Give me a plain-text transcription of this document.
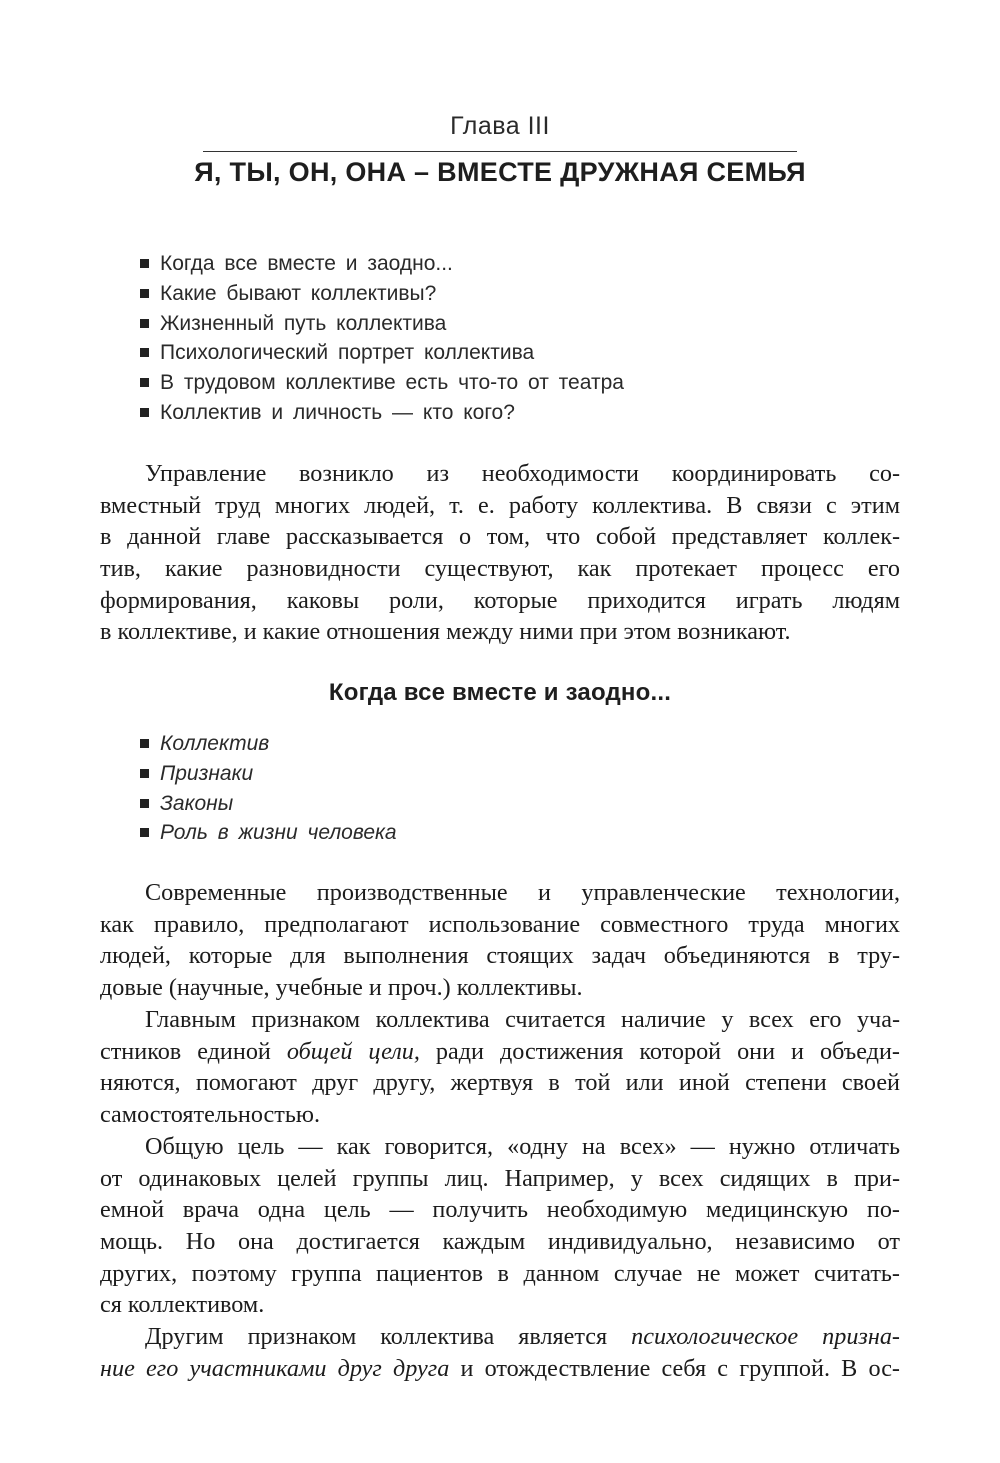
Глава III
Я, ТЫ, ОН, ОНА – ВМЕСТЕ ДРУЖНАЯ СЕМЬЯ
Когда все вместе и заодно...
Какие бывают коллективы?
Жизненный путь коллектива
Психологический портрет коллектива
В трудовом коллективе есть что-то от театра
Коллектив и личность — кто кого?
Управление возникло из необходимости координировать со-
вместный труд многих людей, т. е. работу коллектива. В связи с этим
в данной главе рассказывается о том, что собой представляет коллек-
тив, какие разновидности существуют, как протекает процесс его
формирования, каковы роли, которые приходится играть людям
в коллективе, и какие отношения между ними при этом возникают.
Когда все вместе и заодно...
Коллектив
Признаки
Законы
Роль в жизни человека
Современные производственные и управленческие технологии,
как правило, предполагают использование совместного труда многих
людей, которые для выполнения стоящих задач объединяются в тру-
довые (научные, учебные и проч.) коллективы.
Главным признаком коллектива считается наличие у всех его уча-
стников единой общей цели, ради достижения которой они и объеди-
няются, помогают друг другу, жертвуя в той или иной степени своей
самостоятельностью.
Общую цель — как говорится, «одну на всех» — нужно отличать
от одинаковых целей группы лиц. Например, у всех сидящих в при-
емной врача одна цель — получить необходимую медицинскую по-
мощь. Но она достигается каждым индивидуально, независимо от
других, поэтому группа пациентов в данном случае не может считать-
ся коллективом.
Другим признаком коллектива является психологическое призна-
ние его участниками друг друга и отождествление себя с группой. В ос-
